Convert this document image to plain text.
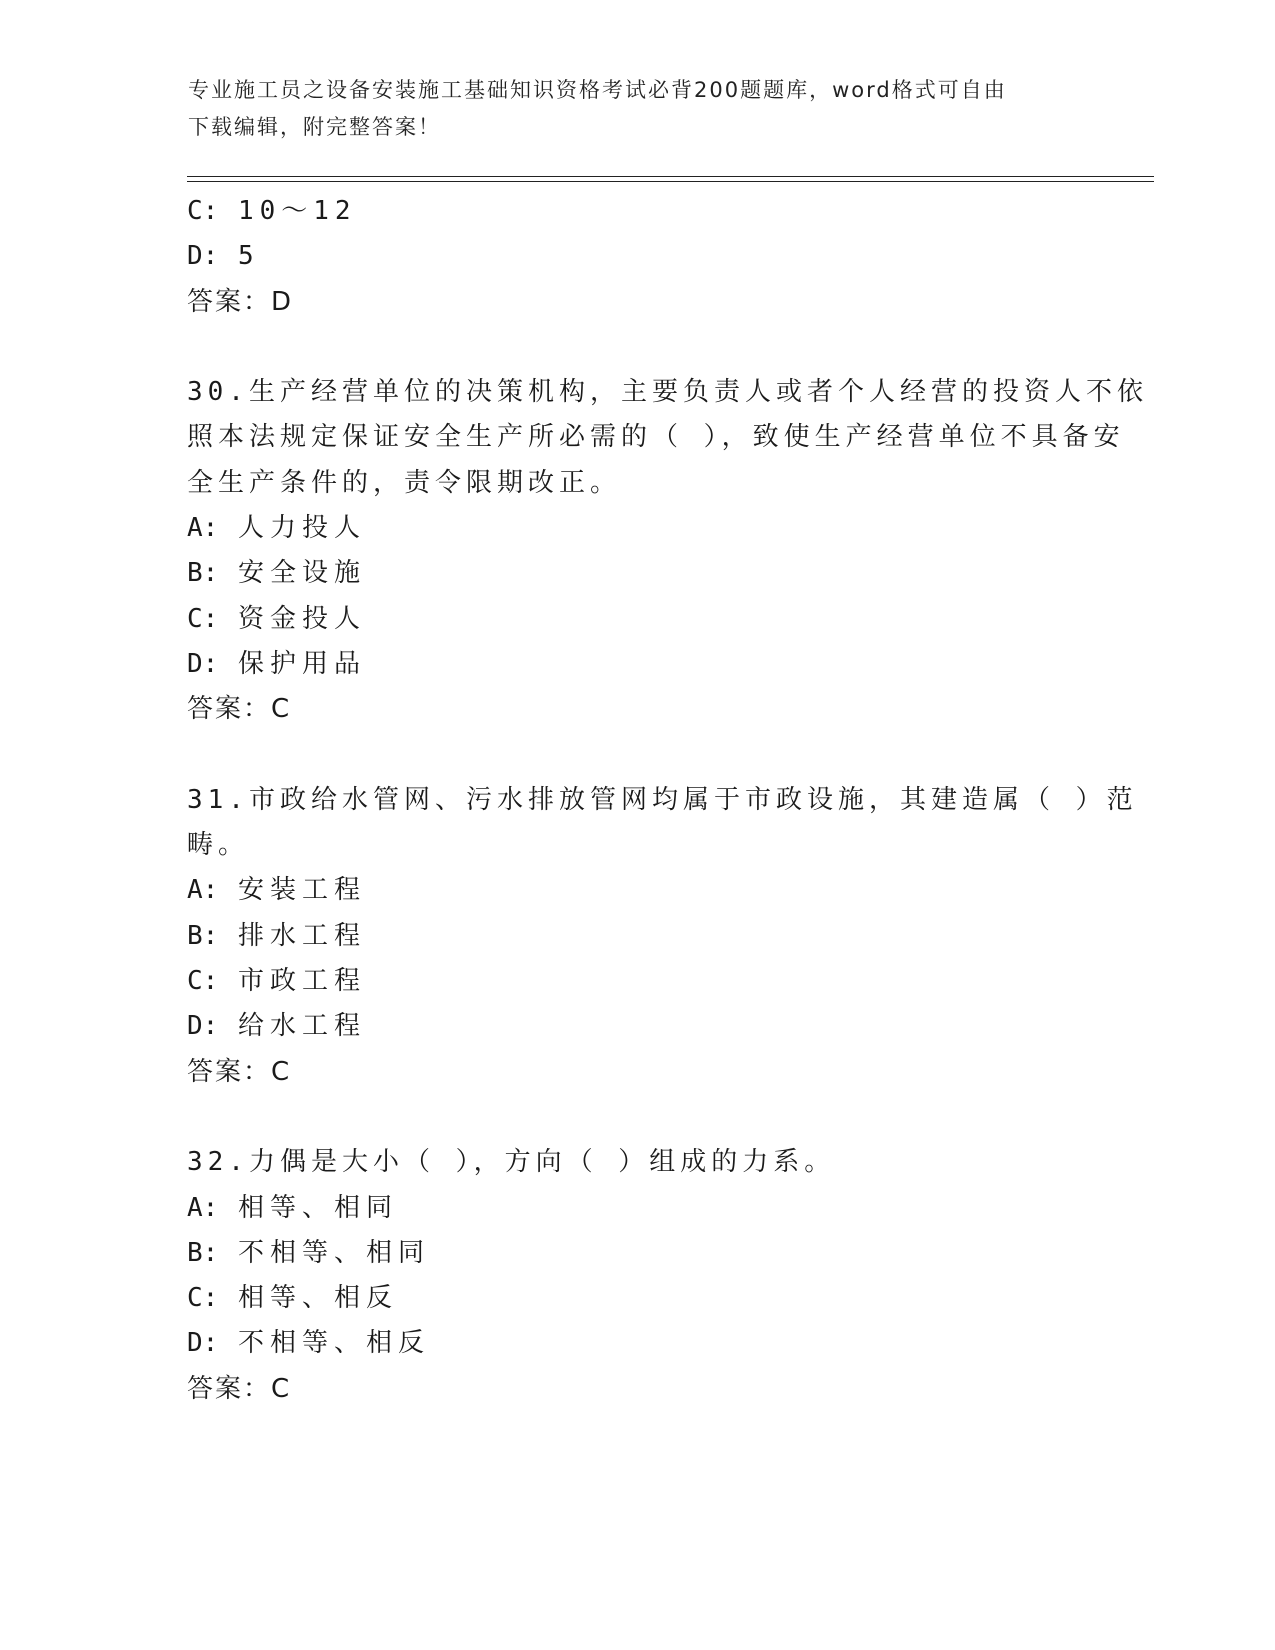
专业施工员之设备安装施工基础知识资格考试必背200题题库，word格式可自由
下载编辑，附完整答案！
C: 10～12
D: 5
答案：D
30.生产经营单位的决策机构，主要负责人或者个人经营的投资人不依
照本法规定保证安全生产所必需的（ ），致使生产经营单位不具备安
全生产条件的，责令限期改正。
A: 人力投人
B: 安全设施
C: 资金投人
D: 保护用品
答案：C
31.市政给水管网、污水排放管网均属于市政设施，其建造属（ ）范
畴。
A: 安装工程
B: 排水工程
C: 市政工程
D: 给水工程
答案：C
32.力偶是大小（ ），方向（ ）组成的力系。
A: 相等、相同
B: 不相等、相同
C: 相等、相反
D: 不相等、相反
答案：C
